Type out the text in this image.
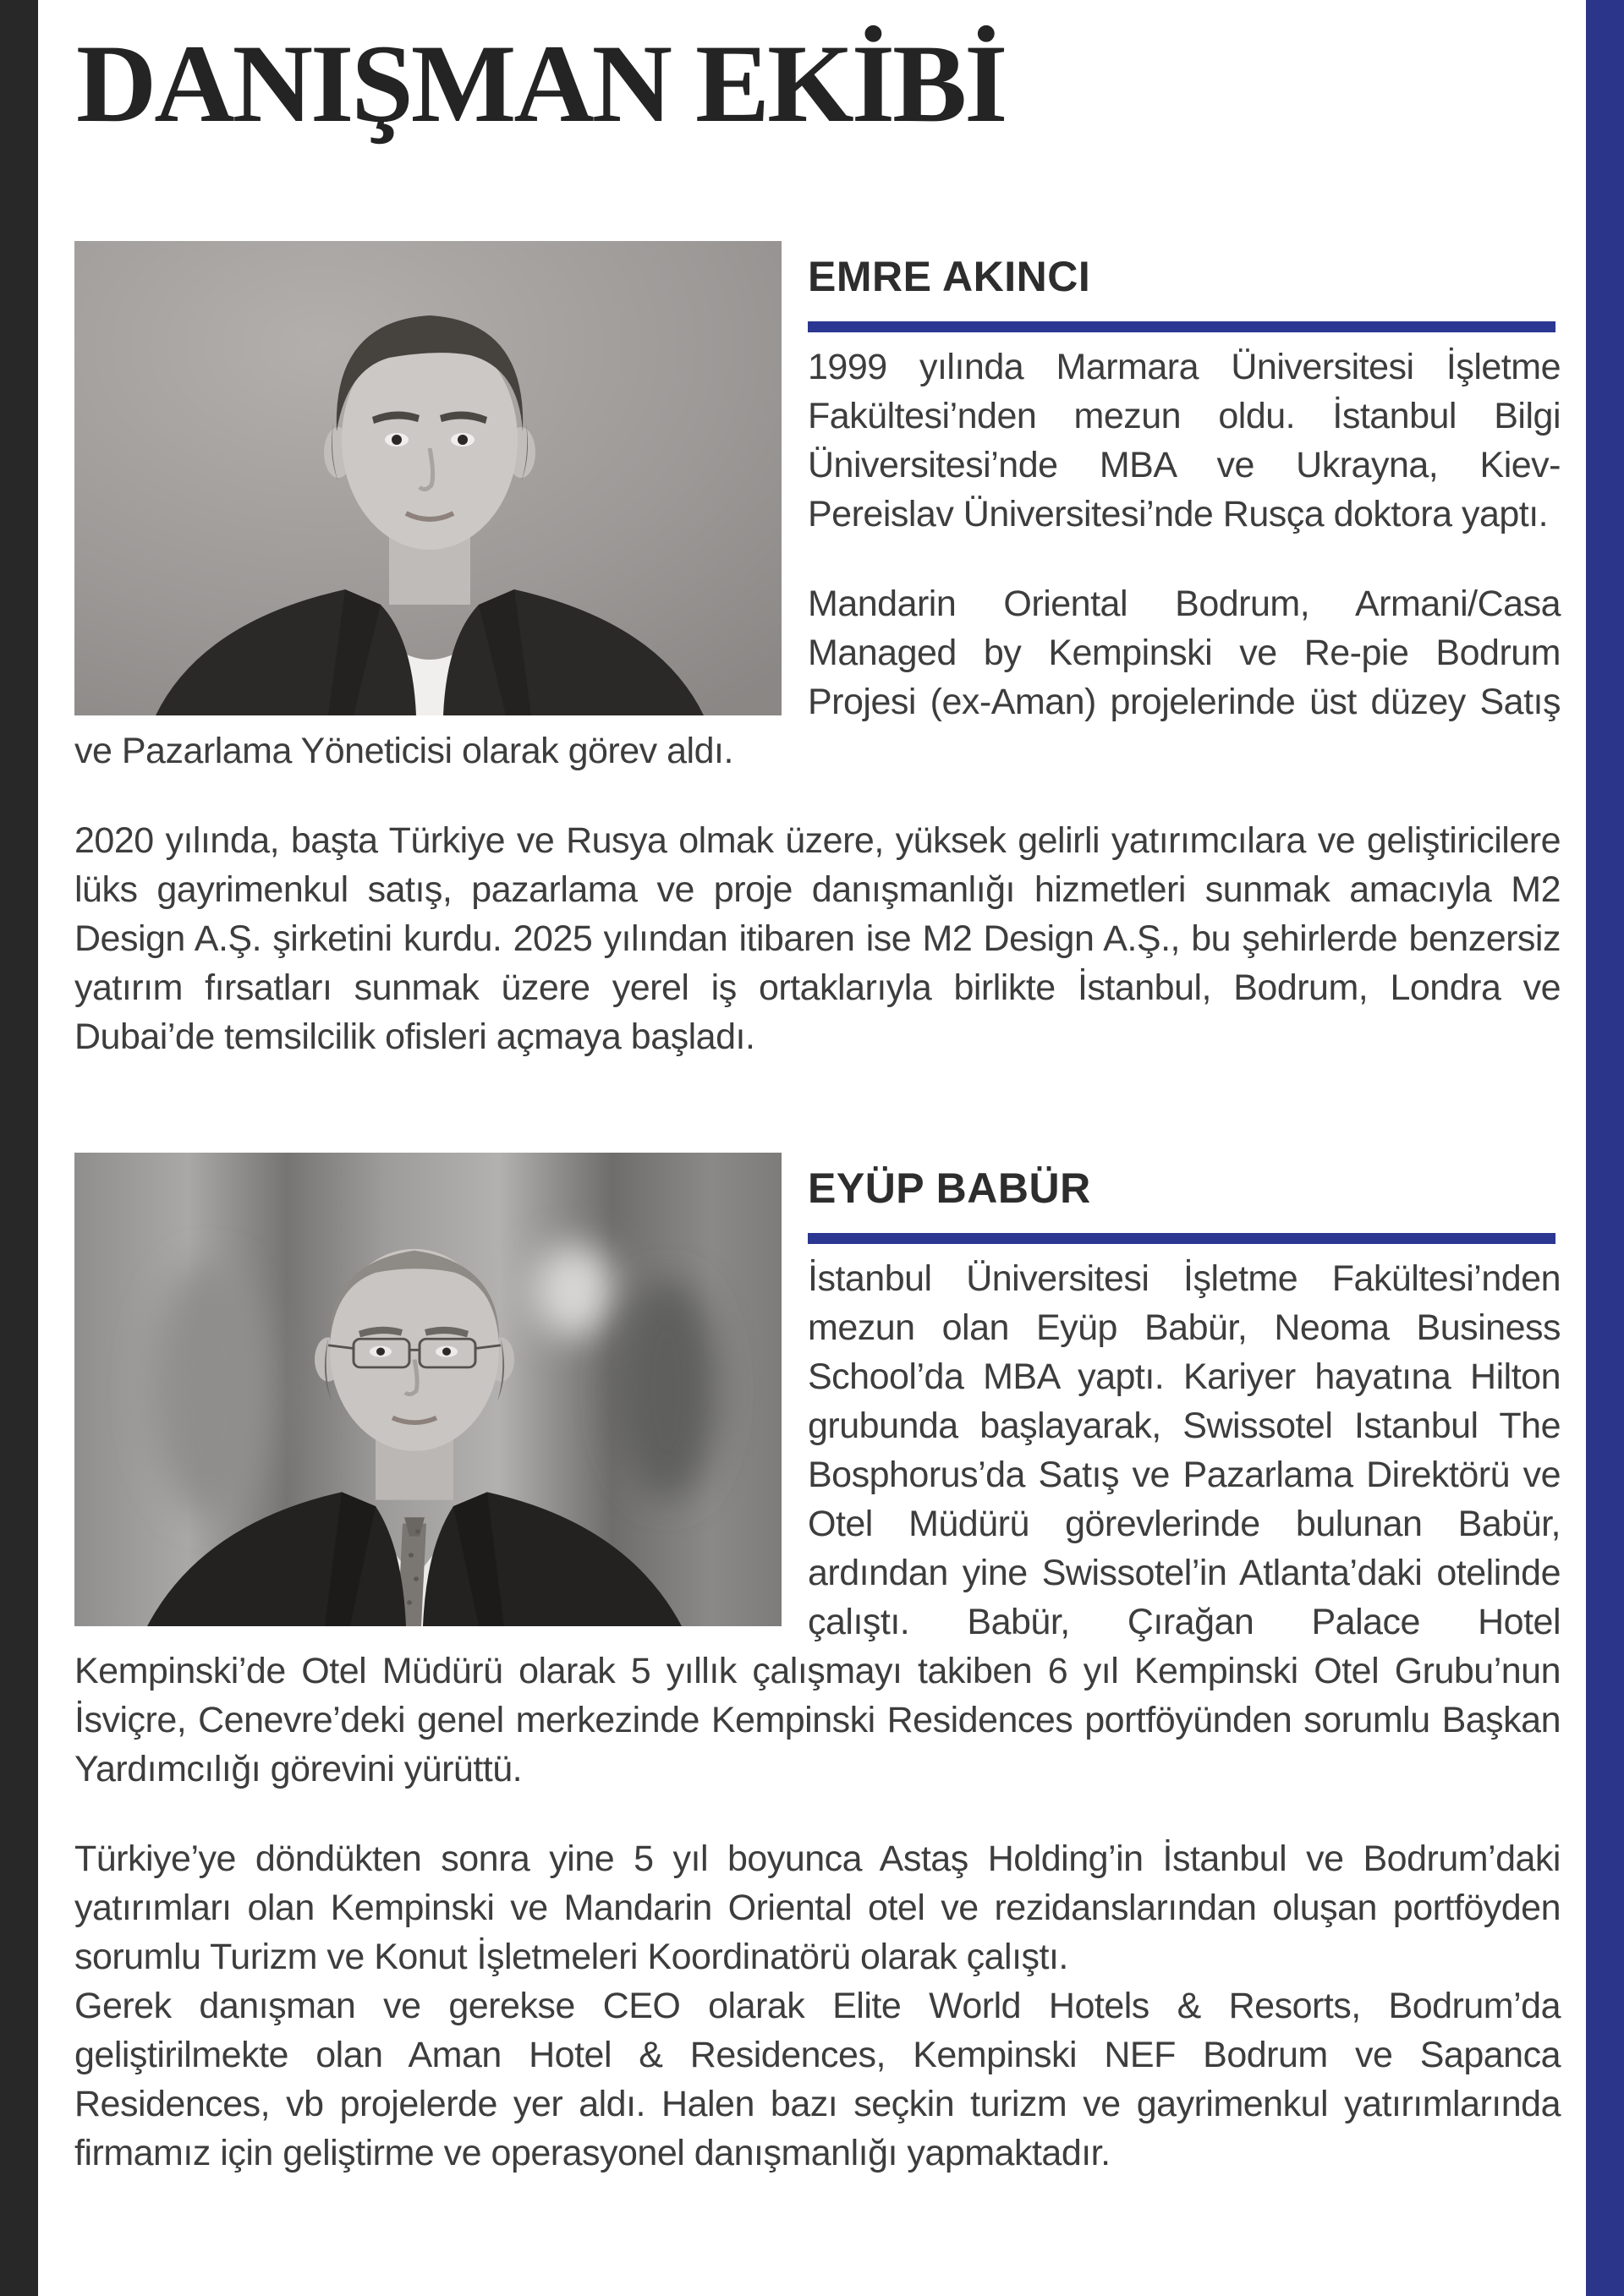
DANIŞMAN EKİBİ
EMRE AKINCI

1999 yılında Marmara Üniversitesi İşletme Fakültesi’nden mezun oldu. İstanbul Bilgi Üniversitesi’nde MBA ve Ukrayna, Kiev-Pereislav Üniversitesi’nde Rusça doktora yaptı.

Mandarin Oriental Bodrum, Armani/Casa Managed by Kempinski ve Re-pie Bodrum Projesi (ex-Aman) projelerinde üst düzey Satış ve Pazarlama Yöneticisi olarak görev aldı.

2020 yılında, başta Türkiye ve Rusya olmak üzere, yüksek gelirli yatırımcılara ve geliştiricilere lüks gayrimenkul satış, pazarlama ve proje danışmanlığı hizmetleri sunmak amacıyla M2 Design A.Ş. şirketini kurdu. 2025 yılından itibaren ise M2 Design A.Ş., bu şehirlerde benzersiz yatırım fırsatları sunmak üzere yerel iş ortaklarıyla birlikte İstanbul, Bodrum, Londra ve Dubai’de temsilcilik ofisleri açmaya başladı.

EYÜP BABÜR

İstanbul Üniversitesi İşletme Fakültesi’nden mezun olan Eyüp Babür, Neoma Business School’da MBA yaptı. Kariyer hayatına Hilton grubunda başlayarak, Swissotel Istanbul The Bosphorus’da Satış ve Pazarlama Direktörü ve Otel Müdürü görevlerinde bulunan Babür, ardından yine Swissotel’in Atlanta’daki otelinde çalıştı. Babür, Çırağan Palace Hotel Kempinski’de Otel Müdürü olarak 5 yıllık çalışmayı takiben 6 yıl Kempinski Otel Grubu’nun İsviçre, Cenevre’deki genel merkezinde Kempinski Residences portföyünden sorumlu Başkan Yardımcılığı görevini yürüttü.

Türkiye’ye döndükten sonra yine 5 yıl boyunca Astaş Holding’in İstanbul ve Bodrum’daki yatırımları olan Kempinski ve Mandarin Oriental otel ve rezidanslarından oluşan portföyden sorumlu Turizm ve Konut İşletmeleri Koordinatörü olarak çalıştı.

Gerek danışman ve gerekse CEO olarak Elite World Hotels & Resorts, Bodrum’da geliştirilmekte olan Aman Hotel & Residences, Kempinski NEF Bodrum ve Sapanca Residences, vb projelerde yer aldı. Halen bazı seçkin turizm ve gayrimenkul yatırımlarında firmamız için geliştirme ve operasyonel danışmanlığı yapmaktadır.
